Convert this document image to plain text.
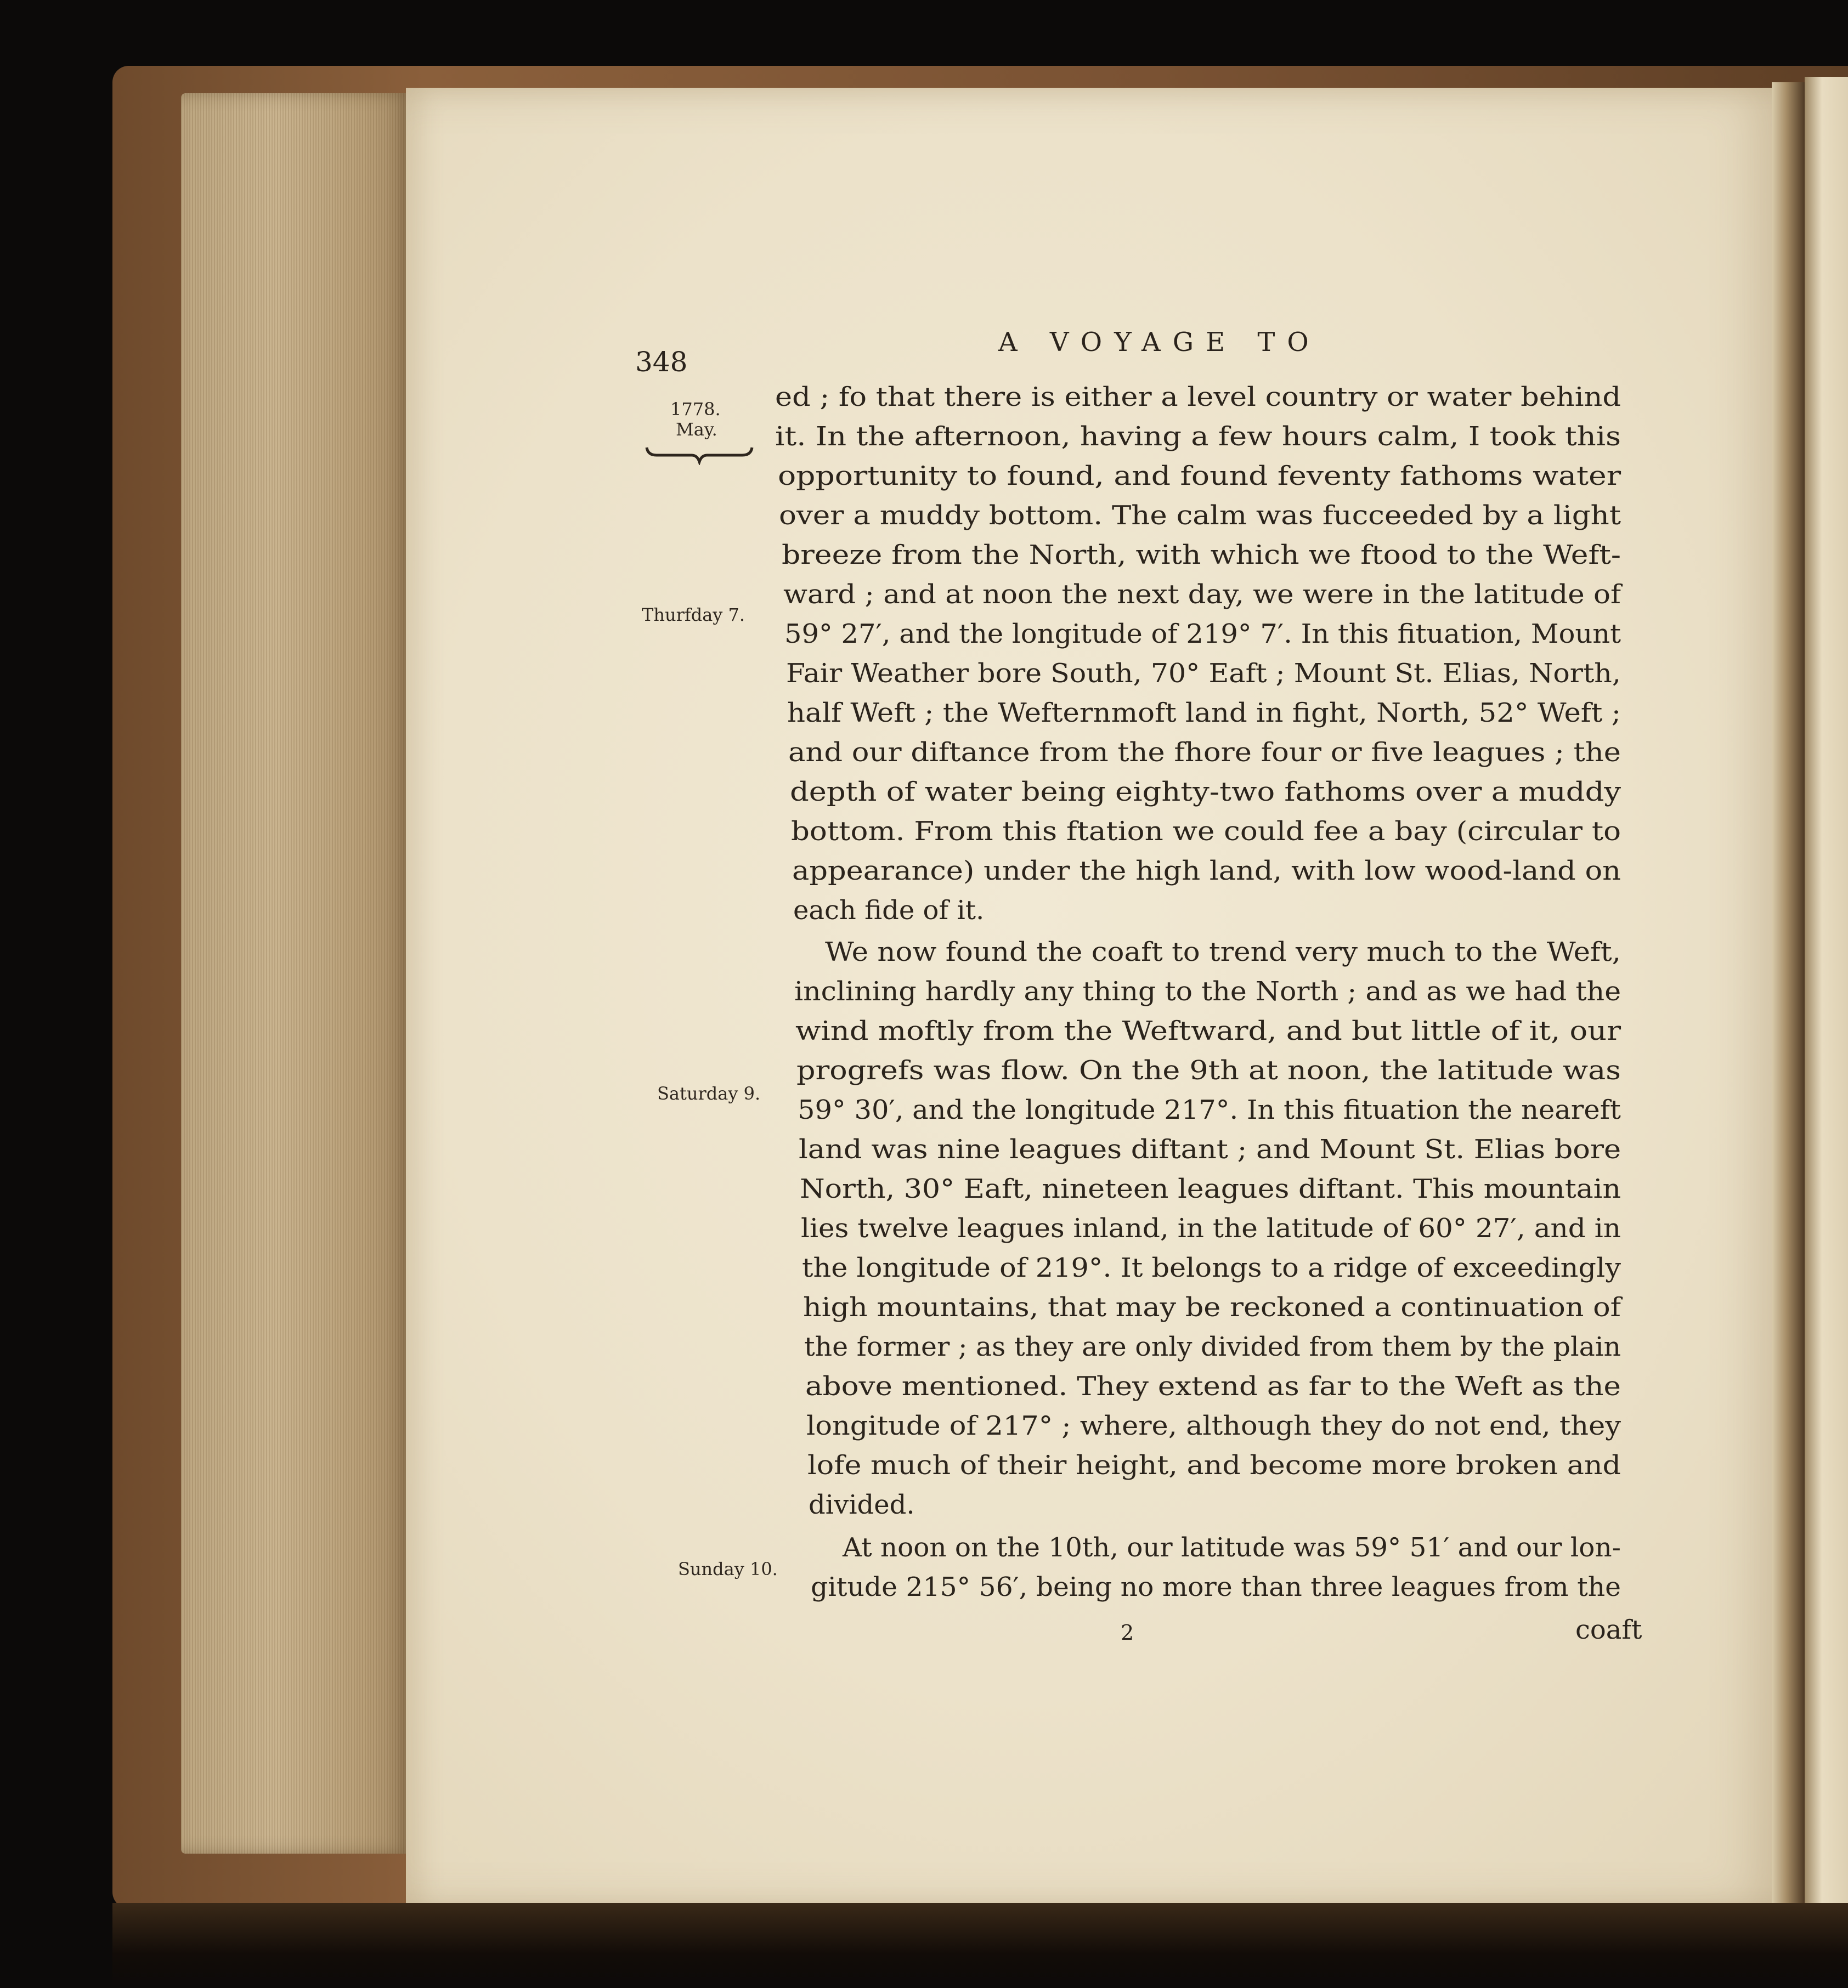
348
A VOYAGE TO
1778.
May.
Thurfday 7.
Saturday 9.
Sunday 10.
ed ; fo that there is either a level country or water behind
it. In the afternoon, having a few hours calm, I took this
opportunity to found, and found feventy fathoms water
over a muddy bottom. The calm was fucceeded by a light
breeze from the North, with which we ftood to the Weft-
ward ; and at noon the next day, we were in the latitude of
59° 27′, and the longitude of 219° 7′. In this fituation, Mount
Fair Weather bore South, 70° Eaft ; Mount St. Elias, North,
half Weft ; the Wefternmoft land in fight, North, 52° Weft ;
and our diftance from the fhore four or five leagues ; the
depth of water being eighty-two fathoms over a muddy
bottom. From this ftation we could fee a bay (circular to
appearance) under the high land, with low wood-land on
each fide of it.
We now found the coaft to trend very much to the Weft,
inclining hardly any thing to the North ; and as we had the
wind moftly from the Weftward, and but little of it, our
progrefs was flow. On the 9th at noon, the latitude was
59° 30′, and the longitude 217°. In this fituation the neareft
land was nine leagues diftant ; and Mount St. Elias bore
North, 30° Eaft, nineteen leagues diftant. This mountain
lies twelve leagues inland, in the latitude of 60° 27′, and in
the longitude of 219°. It belongs to a ridge of exceedingly
high mountains, that may be reckoned a continuation of
the former ; as they are only divided from them by the plain
above mentioned. They extend as far to the Weft as the
longitude of 217° ; where, although they do not end, they
lofe much of their height, and become more broken and
divided.
At noon on the 10th, our latitude was 59° 51′ and our lon-
gitude 215° 56′, being no more than three leagues from the
2	coaft
